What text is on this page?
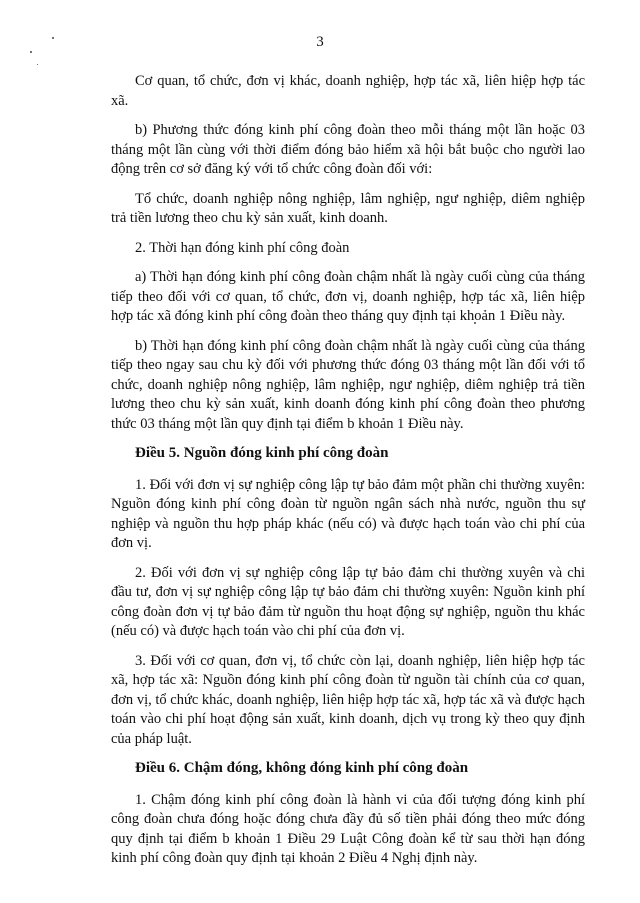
3

Cơ quan, tổ chức, đơn vị khác, doanh nghiệp, hợp tác xã, liên hiệp hợp tác xã.

b) Phương thức đóng kinh phí công đoàn theo mỗi tháng một lần hoặc 03 tháng một lần cùng với thời điểm đóng bảo hiểm xã hội bắt buộc cho người lao động trên cơ sở đăng ký với tổ chức công đoàn đối với:

Tổ chức, doanh nghiệp nông nghiệp, lâm nghiệp, ngư nghiệp, diêm nghiệp trả tiền lương theo chu kỳ sản xuất, kinh doanh.

2. Thời hạn đóng kinh phí công đoàn

a) Thời hạn đóng kinh phí công đoàn chậm nhất là ngày cuối cùng của tháng tiếp theo đối với cơ quan, tổ chức, đơn vị, doanh nghiệp, hợp tác xã, liên hiệp hợp tác xã đóng kinh phí công đoàn theo tháng quy định tại khoản 1 Điều này.

b) Thời hạn đóng kinh phí công đoàn chậm nhất là ngày cuối cùng của tháng tiếp theo ngay sau chu kỳ đối với phương thức đóng 03 tháng một lần đối với tổ chức, doanh nghiệp nông nghiệp, lâm nghiệp, ngư nghiệp, diêm nghiệp trả tiền lương theo chu kỳ sản xuất, kinh doanh đóng kinh phí công đoàn theo phương thức 03 tháng một lần quy định tại điểm b khoản 1 Điều này.

Điều 5. Nguồn đóng kinh phí công đoàn

1. Đối với đơn vị sự nghiệp công lập tự bảo đảm một phần chi thường xuyên: Nguồn đóng kinh phí công đoàn từ nguồn ngân sách nhà nước, nguồn thu sự nghiệp và nguồn thu hợp pháp khác (nếu có) và được hạch toán vào chi phí của đơn vị.

2. Đối với đơn vị sự nghiệp công lập tự bảo đảm chi thường xuyên và chi đầu tư, đơn vị sự nghiệp công lập tự bảo đảm chi thường xuyên: Nguồn kinh phí công đoàn đơn vị tự bảo đảm từ nguồn thu hoạt động sự nghiệp, nguồn thu khác (nếu có) và được hạch toán vào chi phí của đơn vị.

3. Đối với cơ quan, đơn vị, tổ chức còn lại, doanh nghiệp, liên hiệp hợp tác xã, hợp tác xã: Nguồn đóng kinh phí công đoàn từ nguồn tài chính của cơ quan, đơn vị, tổ chức khác, doanh nghiệp, liên hiệp hợp tác xã, hợp tác xã và được hạch toán vào chi phí hoạt động sản xuất, kinh doanh, dịch vụ trong kỳ theo quy định của pháp luật.

Điều 6. Chậm đóng, không đóng kinh phí công đoàn

1. Chậm đóng kinh phí công đoàn là hành vi của đối tượng đóng kinh phí công đoàn chưa đóng hoặc đóng chưa đầy đủ số tiền phải đóng theo mức đóng quy định tại điểm b khoản 1 Điều 29 Luật Công đoàn kể từ sau thời hạn đóng kinh phí công đoàn quy định tại khoản 2 Điều 4 Nghị định này.
